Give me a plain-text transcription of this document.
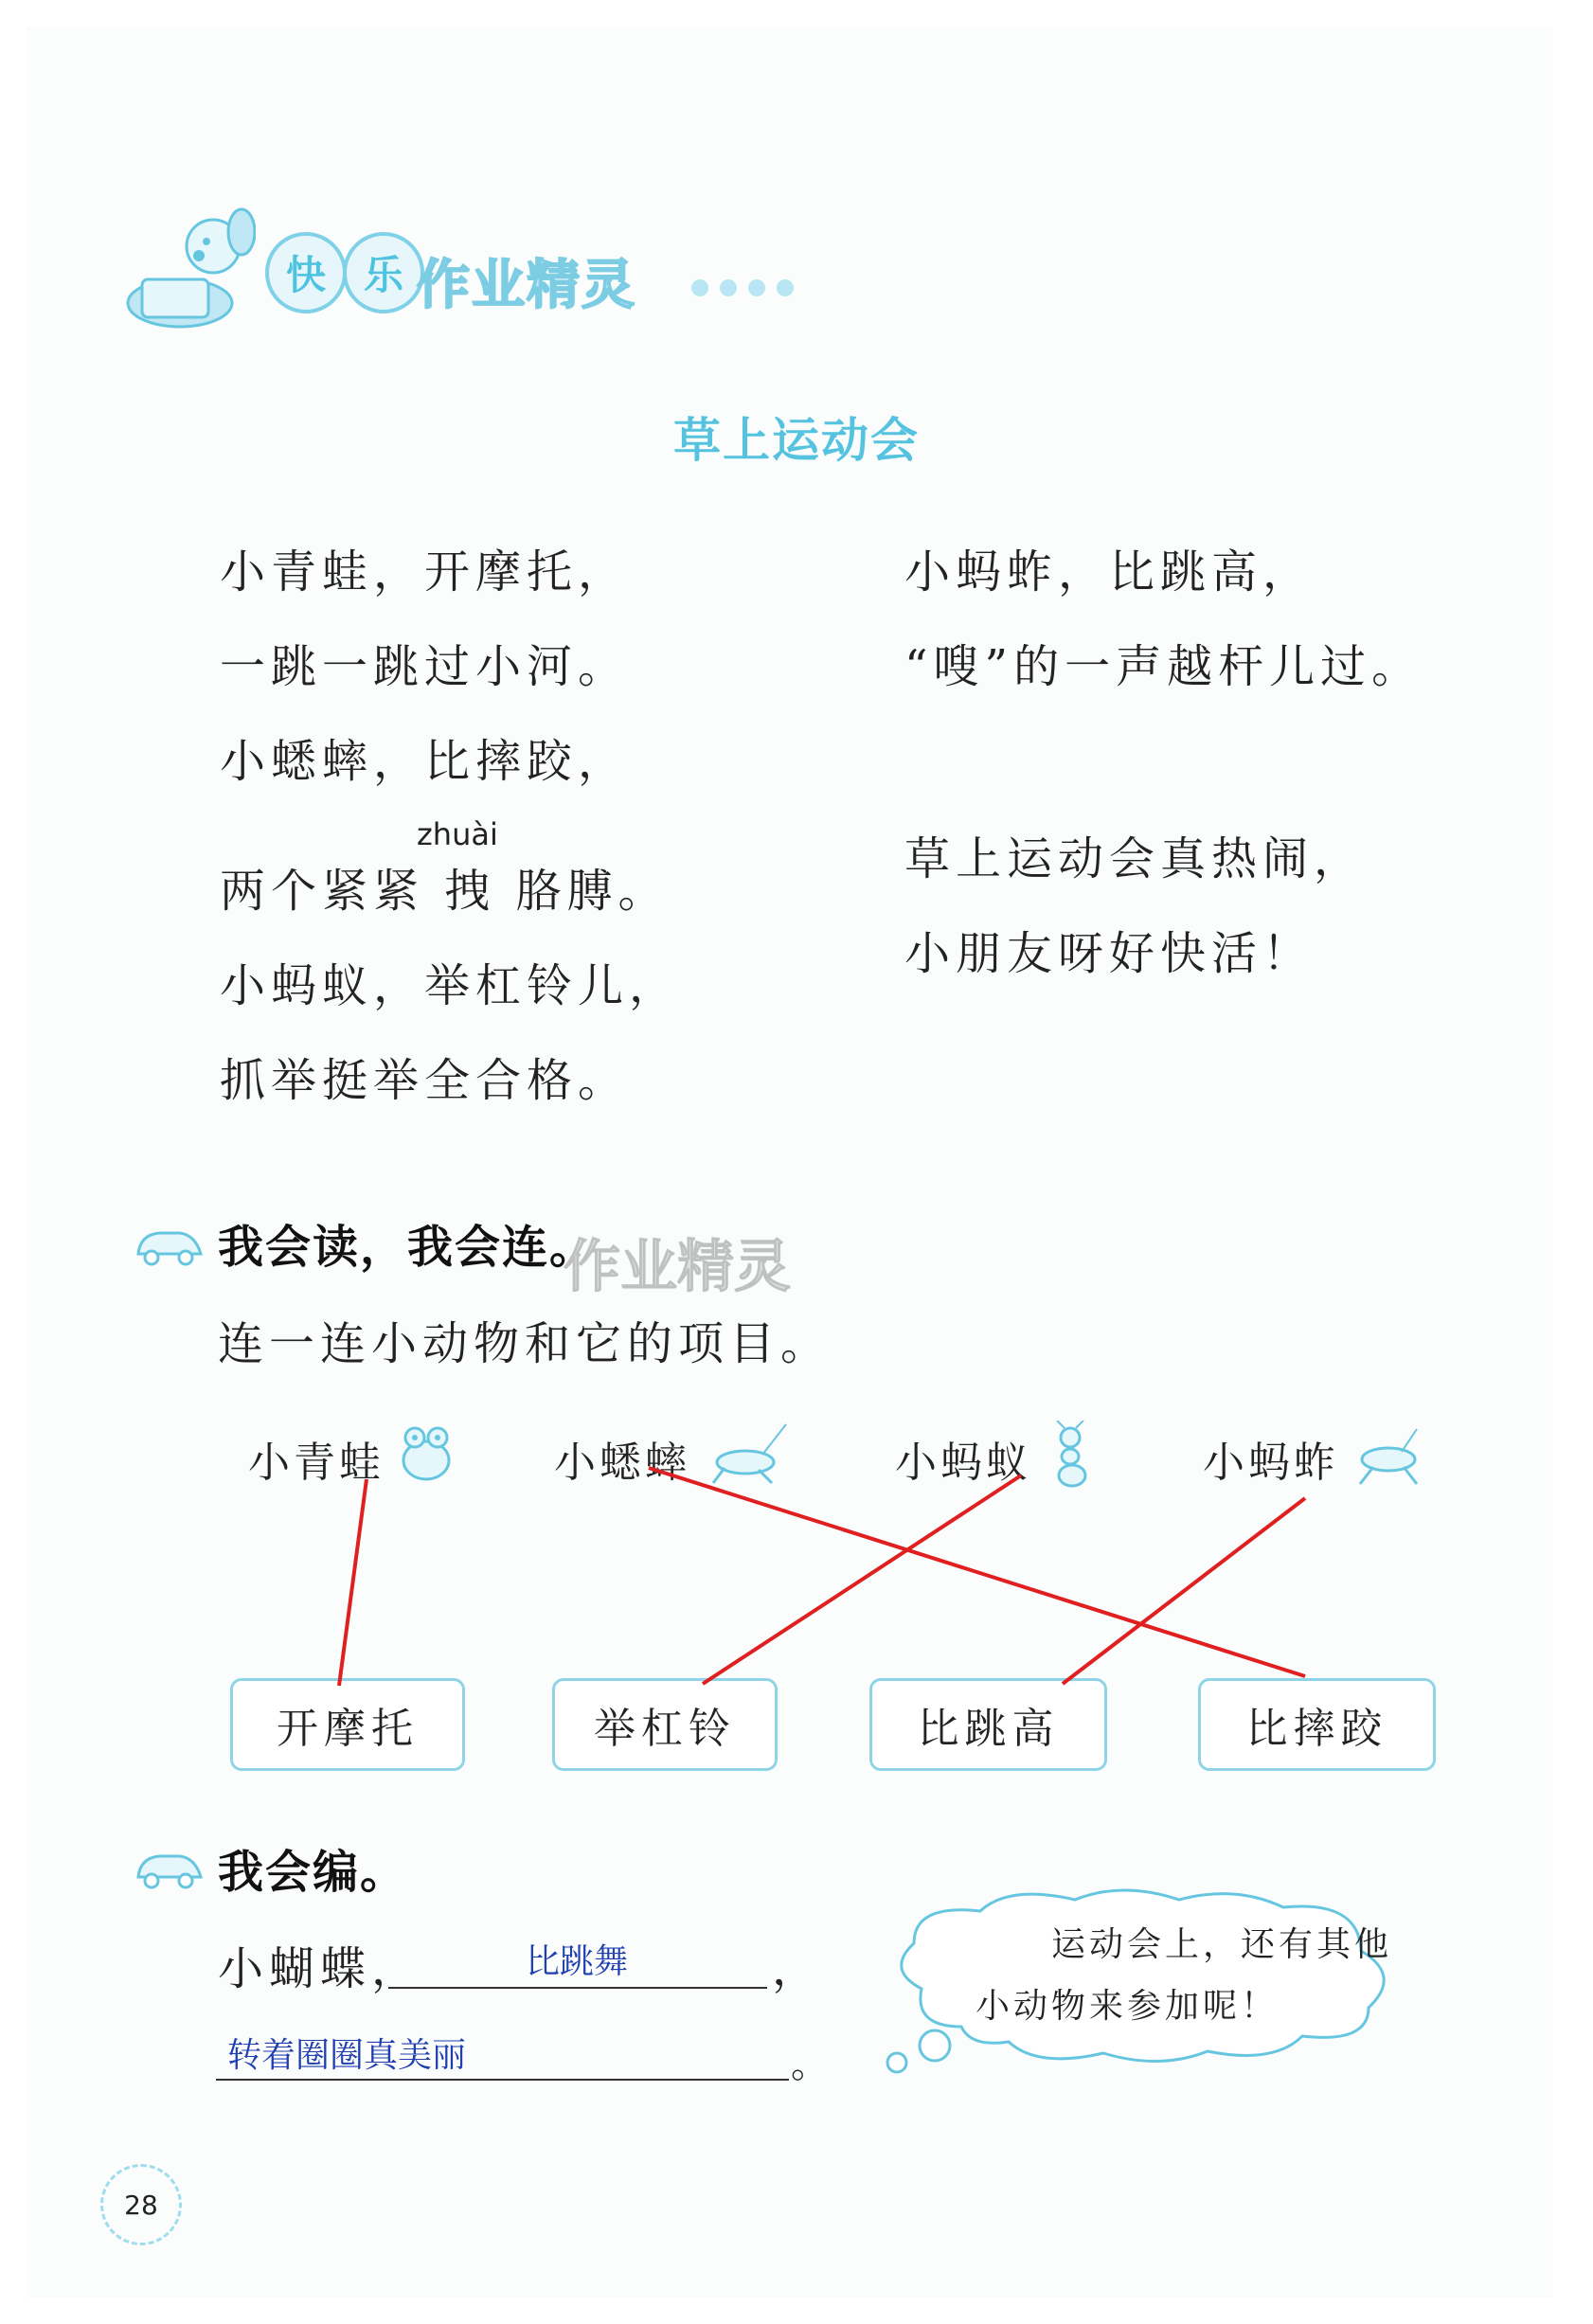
快 乐 作业精灵
草上运动会
小青蛙，开摩托，
一跳一跳过小河。
小蟋蟀，比摔跤，
zhuài
两个紧紧 拽 胳膊。
小蚂蚁，举杠铃儿，
抓举挺举全合格。
小蚂蚱，比跳高，
“嗖”的一声越杆儿过。
草上运动会真热闹，
小朋友呀好快活！
我会读，我会连。
作业精灵
连一连小动物和它的项目。
小青蛙	小蟋蟀	小蚂蚁	小蚂蚱
开摩托	举杠铃	比跳高	比摔跤
我会编。
小蝴蝶，	比跳舞	，
转着圈圈真美丽	。
运动会上，还有其他
小动物来参加呢！
28
